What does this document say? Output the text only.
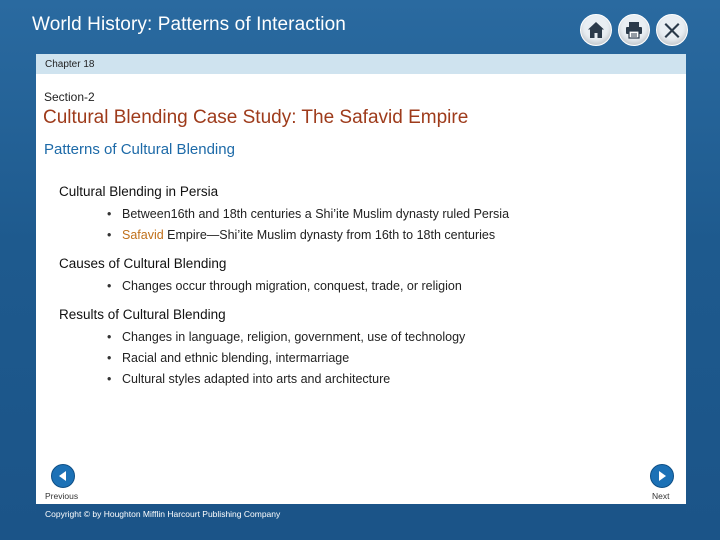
World History: Patterns of Interaction
Chapter 18
Section-2
Cultural Blending Case Study: The Safavid Empire
Patterns of Cultural Blending
Cultural Blending in Persia
• Between16th and 18th centuries a Shi’ite Muslim dynasty ruled Persia
• Safavid Empire—Shi’ite Muslim dynasty from 16th to 18th centuries
Causes of Cultural Blending
• Changes occur through migration, conquest, trade, or religion
Results of Cultural Blending
• Changes in language, religion, government, use of technology
• Racial and ethnic blending, intermarriage
• Cultural styles adapted into arts and architecture
Previous	Next
Copyright © by Houghton Mifflin Harcourt Publishing Company
